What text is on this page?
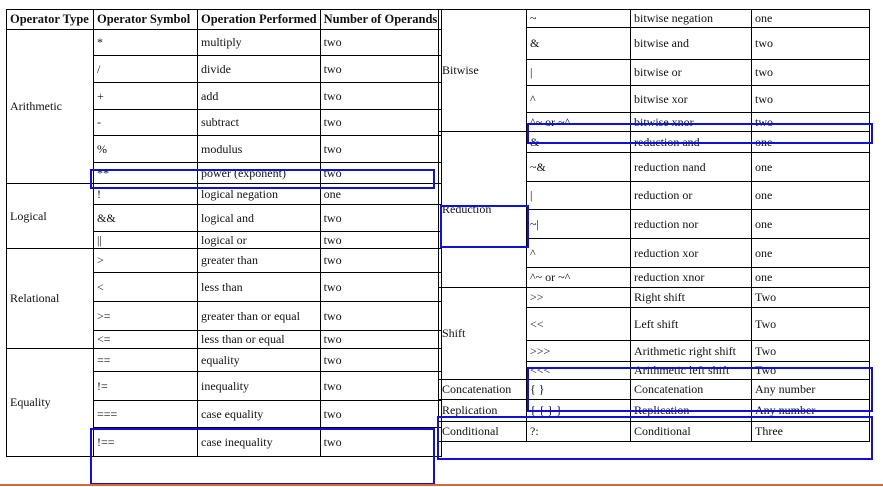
Operator Type	Operator Symbol	Operation Performed	Number of Operands
Arithmetic	*	multiply	two
	/	divide	two
	+	add	two
	-	subtract	two
	%	modulus	two
	**	power (exponent)	two
Logical	!	logical negation	one
	&&	logical and	two
	||	logical or	two
Relational	>	greater than	two
	<	less than	two
	>=	greater than or equal	two
	<=	less than or equal	two
Equality	==	equality	two
	!=	inequality	two
	===	case equality	two
	!==	case inequality	two
Bitwise	~	bitwise negation	one
	&	bitwise and	two
	|	bitwise or	two
	^	bitwise xor	two
	^~ or ~^	bitwise xnor	two
Reduction	&	reduction and	one
	~&	reduction nand	one
	|	reduction or	one
	~|	reduction nor	one
	^	reduction xor	one
	^~ or ~^	reduction xnor	one
Shift	>>	Right shift	Two
	<<	Left shift	Two
	>>>	Arithmetic right shift	Two
	<<<	Arithmetic left shift	Two
Concatenation	{ }	Concatenation	Any number
Replication	{ { } }	Replication	Any number
Conditional	?:	Conditional	Three
